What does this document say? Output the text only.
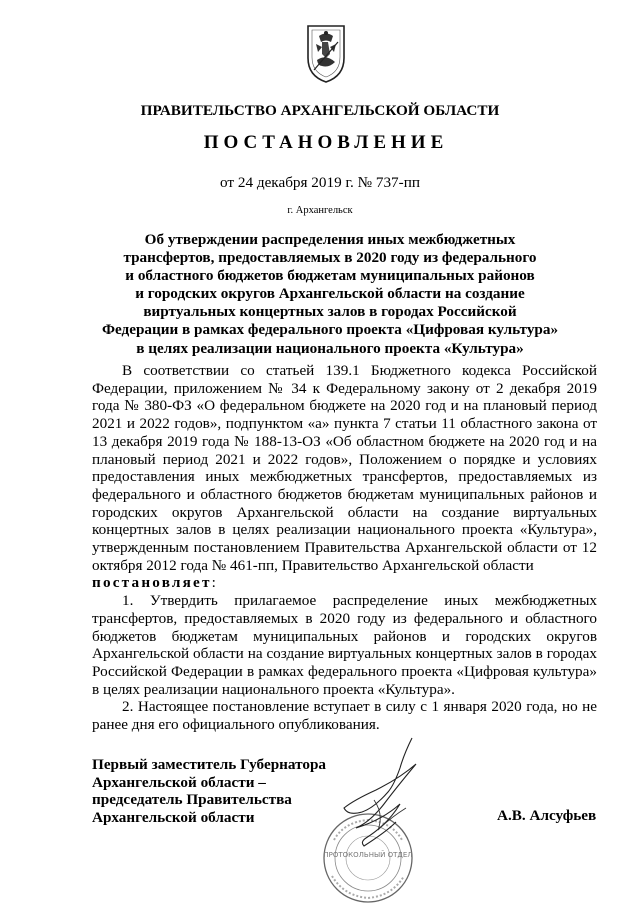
ПРАВИТЕЛЬСТВО АРХАНГЕЛЬСКОЙ ОБЛАСТИ
ПОСТАНОВЛЕНИЕ
от 24 декабря 2019 г. № 737-пп
г. Архангельск
Об утверждении распределения иных межбюджетных
трансфертов, предоставляемых в 2020 году из федерального
и областного бюджетов бюджетам муниципальных районов
и городских округов Архангельской области на создание
виртуальных концертных залов в городах Российской
Федерации в рамках федерального проекта «Цифровая культура»
в целях реализации национального проекта «Культура»

В соответствии со статьей 139.1 Бюджетного кодекса Российской Федерации, приложением № 34 к Федеральному закону от 2 декабря 2019 года № 380-ФЗ «О федеральном бюджете на 2020 год и на плановый период 2021 и 2022 годов», подпунктом «а» пункта 7 статьи 11 областного закона от 13 декабря 2019 года № 188-13-ОЗ «Об областном бюджете на 2020 год и на плановый период 2021 и 2022 годов», Положением о порядке и условиях предоставления иных межбюджетных трансфертов, предоставляемых из федерального и областного бюджетов бюджетам муниципальных районов и городских округов Архангельской области на создание виртуальных концертных залов в целях реализации национального проекта «Культура», утвержденным постановлением Правительства Архангельской области от 12 октября 2012 года № 461-пп, Правительство Архангельской области

постановляет:

1. Утвердить прилагаемое распределение иных межбюджетных трансфертов, предоставляемых в 2020 году из федерального и областного бюджетов бюджетам муниципальных районов и городских округов Архангельской области на создание виртуальных концертных залов в городах Российской Федерации в рамках федерального проекта «Цифровая культура» в целях реализации национального проекта «Культура».

2. Настоящее постановление вступает в силу с 1 января 2020 года, но не ранее дня его официального опубликования.

Первый заместитель Губернатора
Архангельской области –
председатель Правительства
Архангельской области
ПРОТОКОЛЬНЫЙ ОТДЕЛ
А.В. Алсуфьев
